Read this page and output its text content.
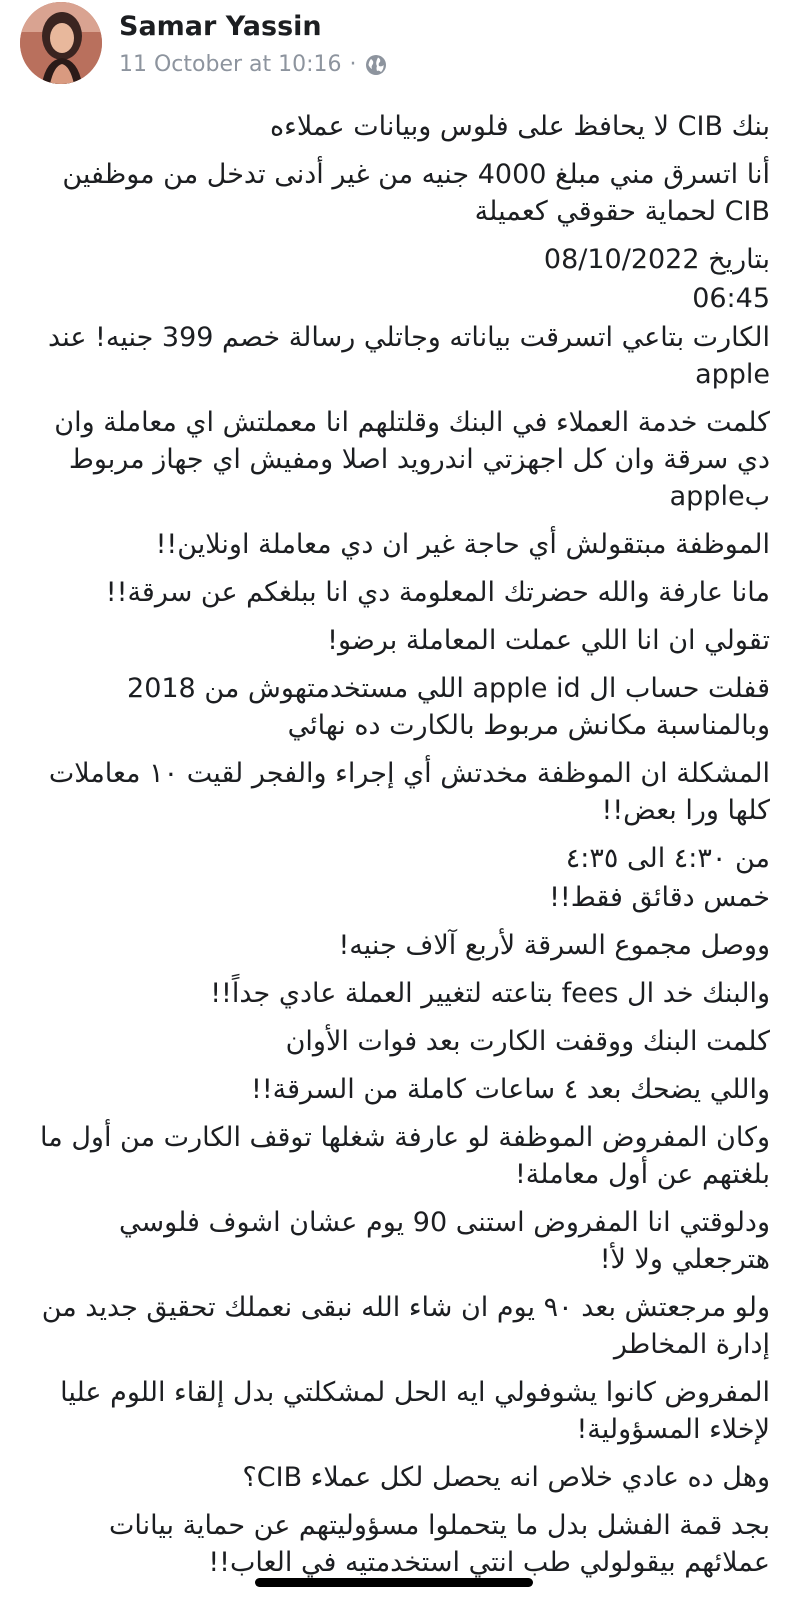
Samar Yassin
11 October at 10:16 ·

بنك CIB لا يحافظ على فلوس وبيانات عملاءه

أنا اتسرق مني مبلغ 4000 جنيه من غير أدنى تدخل من موظفين CIB لحماية حقوقي كعميلة

بتاريخ 08/10/2022

06:45

الكارت بتاعي اتسرقت بياناته وجاتلي رسالة خصم 399 جنيه! عند apple

كلمت خدمة العملاء في البنك وقلتلهم انا معملتش اي معاملة وان دي سرقة وان كل اجهزتي اندرويد اصلا ومفيش اي جهاز مربوط بapple

الموظفة مبتقولش أي حاجة غير ان دي معاملة اونلاين!!

مانا عارفة والله حضرتك المعلومة دي انا ببلغكم عن سرقة!!

تقولي ان انا اللي عملت المعاملة برضو!

قفلت حساب ال apple id اللي مستخدمتهوش من 2018 وبالمناسبة مكانش مربوط بالكارت ده نهائي

المشكلة ان الموظفة مخدتش أي إجراء والفجر لقيت ١٠ معاملات كلها ورا بعض!!

من ٤:٣٠ الى ٤:٣٥

خمس دقائق فقط!!

ووصل مجموع السرقة لأربع آلاف جنيه!

والبنك خد ال fees بتاعته لتغيير العملة عادي جداً!!

كلمت البنك ووقفت الكارت بعد فوات الأوان

واللي يضحك بعد ٤ ساعات كاملة من السرقة!!

وكان المفروض الموظفة لو عارفة شغلها توقف الكارت من أول ما بلغتهم عن أول معاملة!

ودلوقتي انا المفروض استنى 90 يوم عشان اشوف فلوسي هترجعلي ولا لأ!

ولو مرجعتش بعد ٩٠ يوم ان شاء الله نبقى نعملك تحقيق جديد من إدارة المخاطر

المفروض كانوا يشوفولي ايه الحل لمشكلتي بدل إلقاء اللوم عليا لإخلاء المسؤولية!

وهل ده عادي خلاص انه يحصل لكل عملاء CIB؟

بجد قمة الفشل بدل ما يتحملوا مسؤوليتهم عن حماية بيانات عملائهم بيقولولي طب انتي استخدمتيه في العاب!!
